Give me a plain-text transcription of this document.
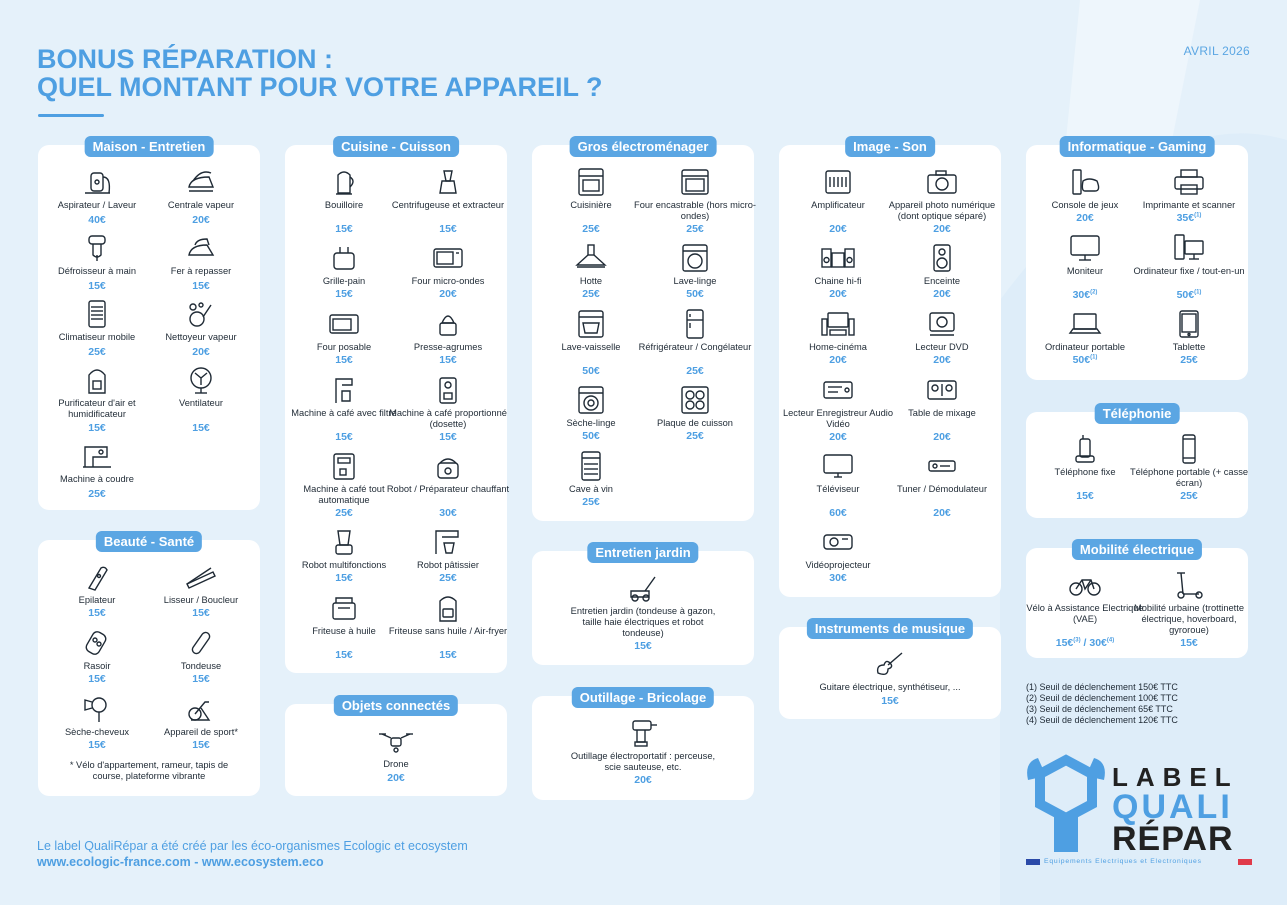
AVRIL 2026
BONUS RÉPARATION :
QUEL MONTANT POUR VOTRE APPAREIL ?
Maison - Entretien
Aspirateur / Laveur
40€
Centrale vapeur
20€
Défroisseur à main
15€
Fer à repasser
15€
Climatiseur mobile
25€
Nettoyeur vapeur
20€
Purificateur d'air et humidificateur
15€
Ventilateur
15€
Machine à coudre
25€
Beauté - Santé
Epilateur
15€
Lisseur / Boucleur
15€
Rasoir
15€
Tondeuse
15€
Sèche-cheveux
15€
Appareil de sport*
15€
* Vélo d'appartement, rameur, tapis de course, plateforme vibrante
Cuisine - Cuisson
Bouilloire
15€
Centrifugeuse et extracteur
15€
Grille-pain
15€
Four micro-ondes
20€
Four posable
15€
Presse-agrumes
15€
Machine à café avec filtre
15€
Machine à café proportionné (dosette)
15€
Machine à café tout automatique
25€
Robot / Préparateur chauffant
30€
Robot multifonctions
15€
Robot pâtissier
25€
Friteuse à huile
15€
Friteuse sans huile / Air-fryer
15€
Objets connectés
Drone
20€
Gros électroménager
Cuisinière
25€
Four encastrable (hors micro-ondes)
25€
Hotte
25€
Lave-linge
50€
Lave-vaisselle
50€
Réfrigérateur / Congélateur
25€
Sèche-linge
50€
Plaque de cuisson
25€
Cave à vin
25€
Entretien jardin
Entretien jardin (tondeuse à gazon, taille haie électriques et robot tondeuse)
15€
Outillage - Bricolage
Outillage électroportatif : perceuse, scie sauteuse, etc.
20€
Image - Son
Amplificateur
20€
Appareil photo numérique (dont optique séparé)
20€
Chaine hi-fi
20€
Enceinte
20€
Home-cinéma
20€
Lecteur DVD
20€
Lecteur Enregistreur Audio Vidéo
20€
Table de mixage
20€
Téléviseur
60€
Tuner / Démodulateur
20€
Vidéoprojecteur
30€
Instruments de musique
Guitare électrique, synthétiseur, ...
15€
Informatique - Gaming
Console de jeux
20€
Imprimante et scanner
35€$^{(1)}$
Moniteur
30€$^{(2)}$
Ordinateur fixe / tout-en-un
50€$^{(1)}$
Ordinateur portable
50€$^{(1)}$
Tablette
25€
Téléphonie
Téléphone fixe
15€
Téléphone portable (+ casse écran)
25€
Mobilité électrique
Vélo à Assistance Electrique (VAE)
15€$^{(3)}$ / 30€$^{(4)}$
Mobilité urbaine (trottinette électrique, hoverboard, gyroroue)
15€
(1) Seuil de déclenchement 150€ TTC
(2) Seuil de déclenchement 100€ TTC
(3) Seuil de déclenchement 65€ TTC
(4) Seuil de déclenchement 120€ TTC
Le label QualiRépar a été créé par les éco-organismes Ecologic et ecosystem
www.ecologic-france.com - www.ecosystem.eco
LABEL
QUALI
RÉPAR
Equipements Electriques et Electroniques
